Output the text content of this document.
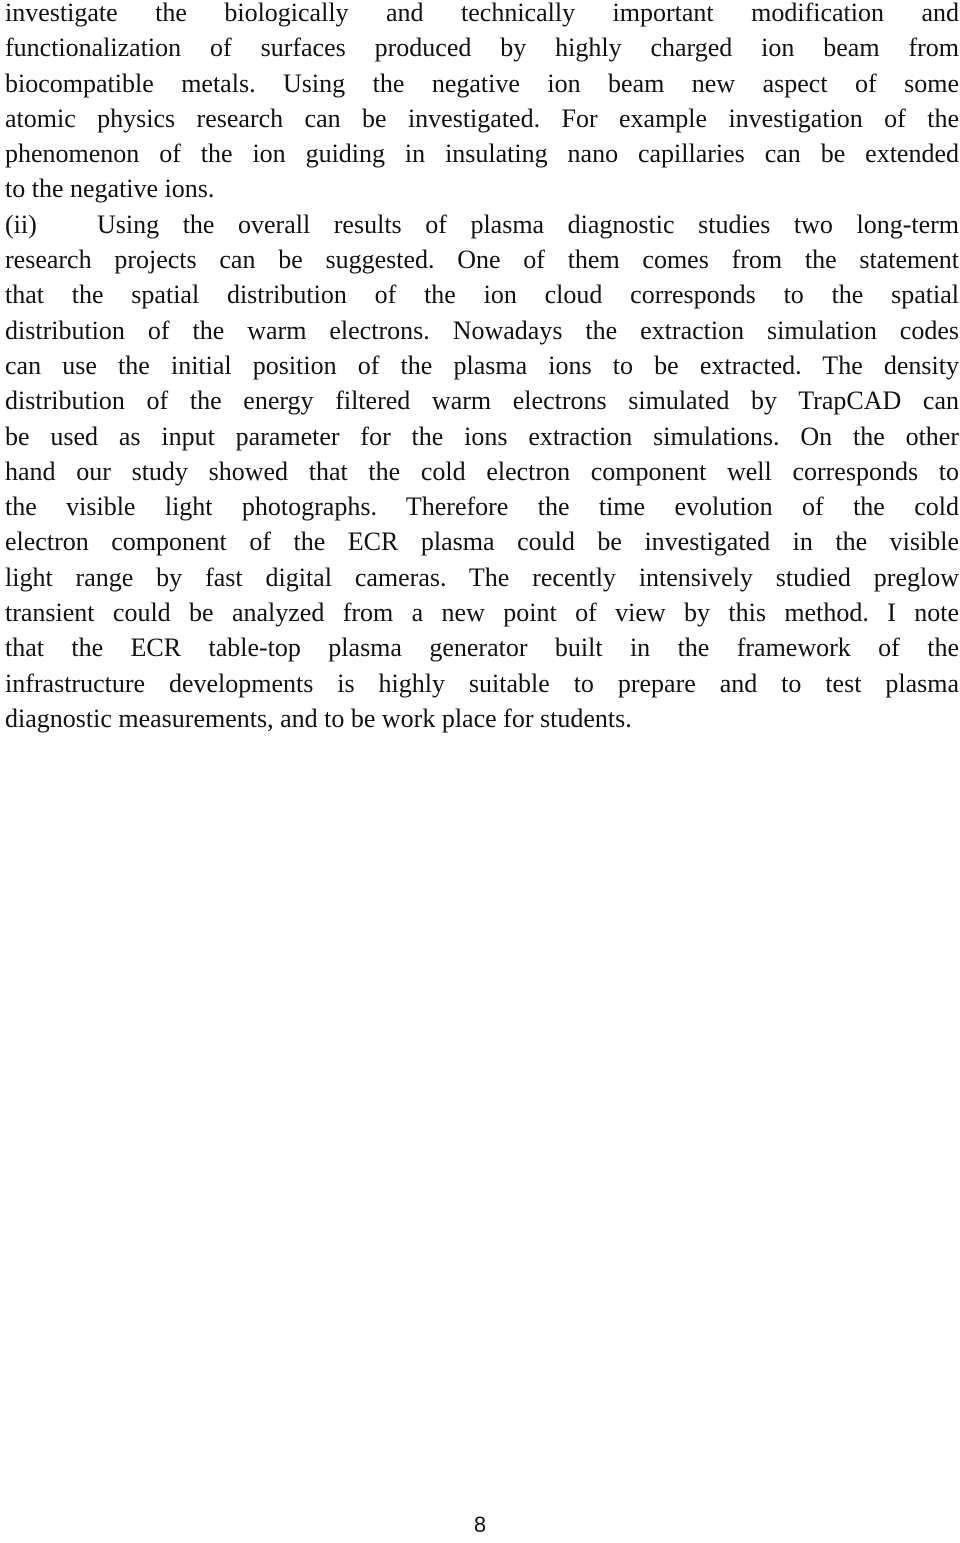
investigate the biologically and technically important modification and
functionalization of surfaces produced by highly charged ion beam from
biocompatible metals. Using the negative ion beam new aspect of some
atomic physics research can be investigated. For example investigation of the
phenomenon of the ion guiding in insulating nano capillaries can be extended
to the negative ions.
(ii) Using the overall results of plasma diagnostic studies two long-term
research projects can be suggested. One of them comes from the statement
that the spatial distribution of the ion cloud corresponds to the spatial
distribution of the warm electrons. Nowadays the extraction simulation codes
can use the initial position of the plasma ions to be extracted. The density
distribution of the energy filtered warm electrons simulated by TrapCAD can
be used as input parameter for the ions extraction simulations. On the other
hand our study showed that the cold electron component well corresponds to
the visible light photographs. Therefore the time evolution of the cold
electron component of the ECR plasma could be investigated in the visible
light range by fast digital cameras. The recently intensively studied preglow
transient could be analyzed from a new point of view by this method. I note
that the ECR table-top plasma generator built in the framework of the
infrastructure developments is highly suitable to prepare and to test plasma
diagnostic measurements, and to be work place for students.
8
